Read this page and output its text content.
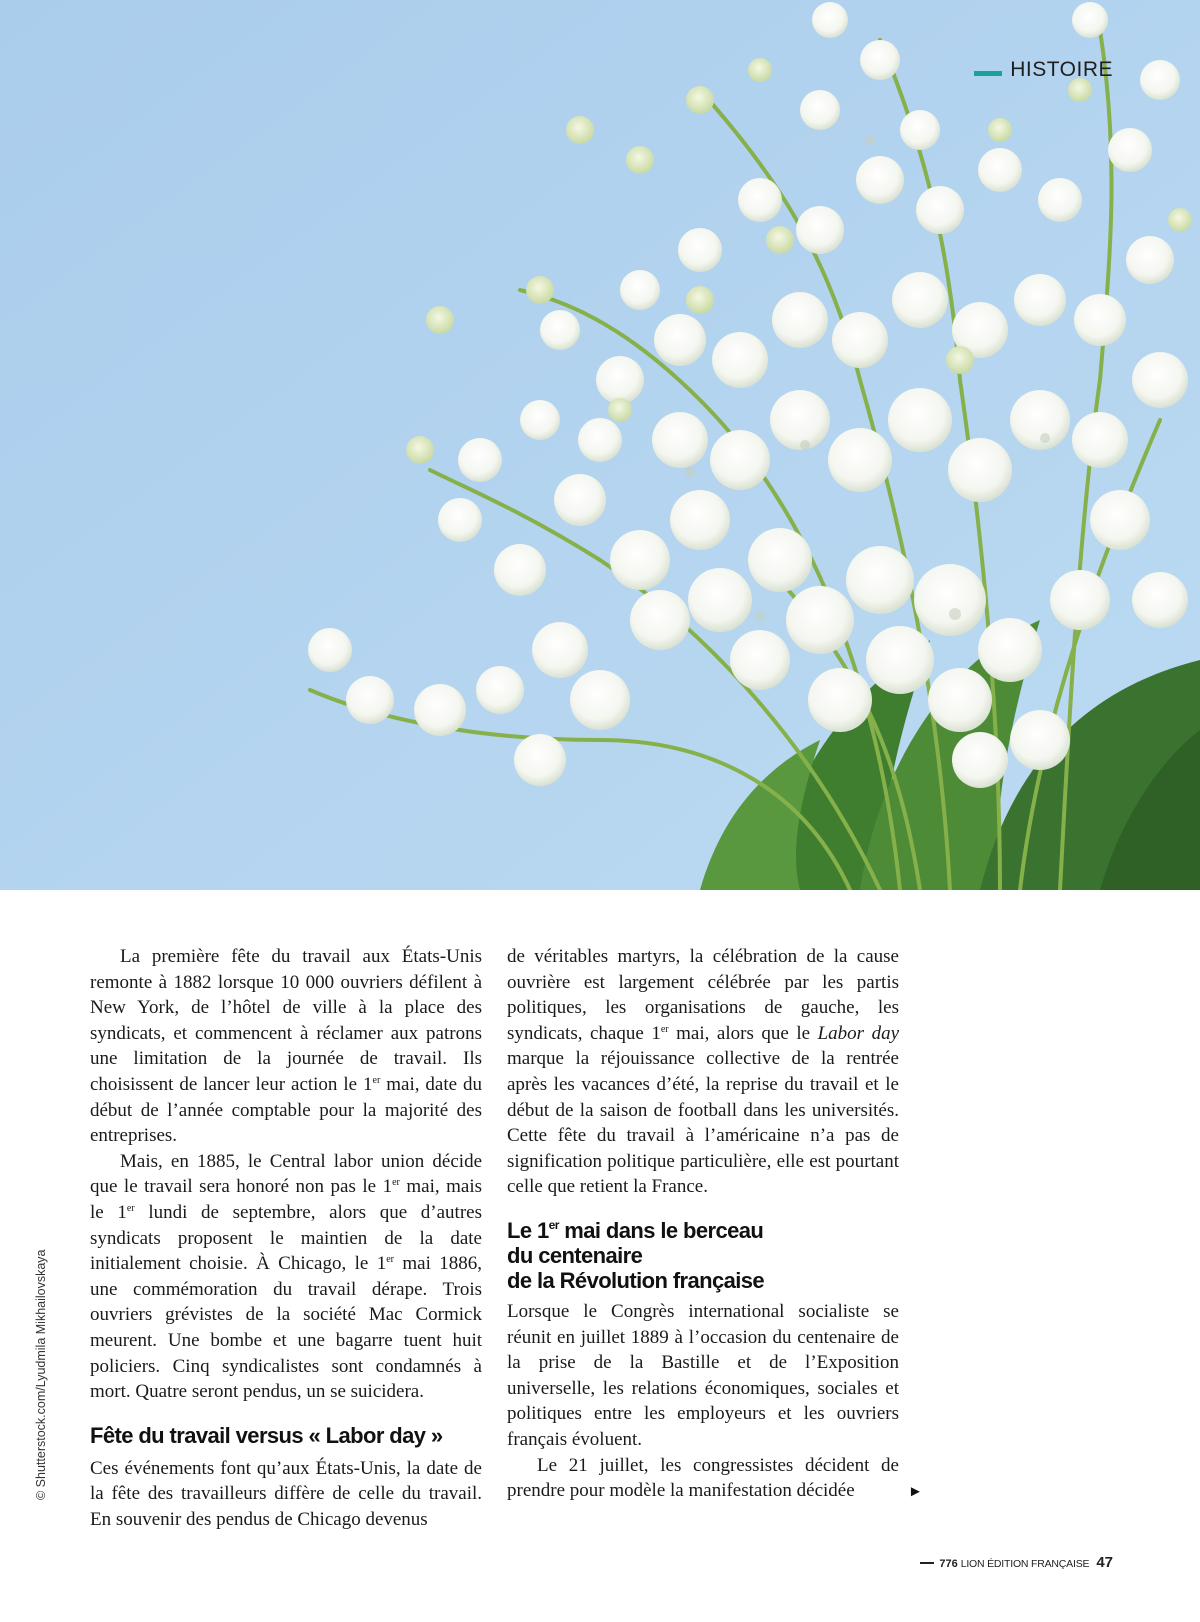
HISTOIRE
© Shutterstock.com/Lyudmila Mikhailovskaya

La première fête du travail aux États-Unis remonte à 1882 lorsque 10 000 ouvriers défilent à New York, de l’hôtel de ville à la place des syndicats, et commencent à réclamer aux patrons une limitation de la journée de travail. Ils choisissent de lancer leur action le 1er mai, date du début de l’année comptable pour la majorité des entreprises.

Mais, en 1885, le Central labor union décide que le travail sera honoré non pas le 1er mai, mais le 1er lundi de septembre, alors que d’autres syndicats proposent le maintien de la date initialement choisie. À Chicago, le 1er mai 1886, une commémoration du travail dérape. Trois ouvriers grévistes de la société Mac Cormick meurent. Une bombe et une bagarre tuent huit policiers. Cinq syndicalistes sont condamnés à mort. Quatre seront pendus, un se suicidera.

Fête du travail versus « Labor day »

Ces événements font qu’aux États-Unis, la date de la fête des travailleurs diffère de celle du travail. En souvenir des pendus de Chicago devenus

de véritables martyrs, la célébration de la cause ouvrière est largement célébrée par les partis politiques, les organisations de gauche, les syndicats, chaque 1er mai, alors que le Labor day marque la réjouissance collective de la rentrée après les vacances d’été, la reprise du travail et le début de la saison de football dans les universités. Cette fête du travail à l’américaine n’a pas de signification politique particulière, elle est pourtant celle que retient la France.

Le 1er mai dans le berceau
du centenaire
de la Révolution française

Lorsque le Congrès international socialiste se réunit en juillet 1889 à l’occasion du centenaire de la prise de la Bastille et de l’Exposition universelle, les relations économiques, sociales et politiques entre les employeurs et les ouvriers français évoluent.

Le 21 juillet, les congressistes décident de prendre pour modèle la manifestation décidée	►
776 LION ÉDITION FRANÇAISE 47
